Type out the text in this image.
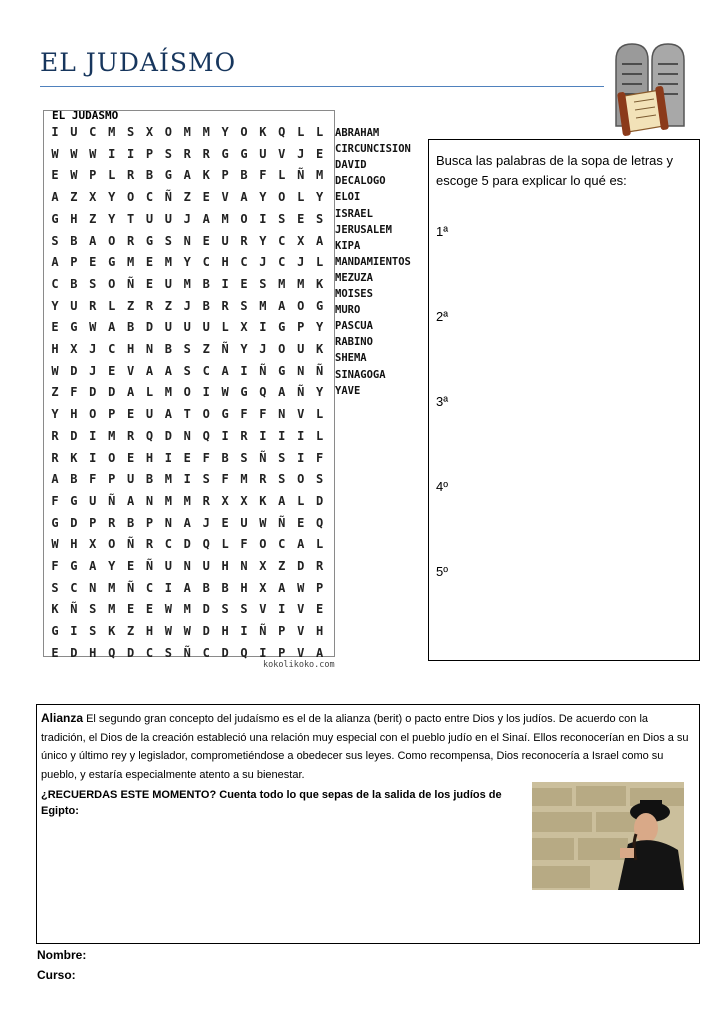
EL JUDAÍSMO
EL JUDASMO
I U C M S X O M M Y O K Q L L
W W W I I P S R R G G U V J E
E W P L R B G A K P B F L Ñ M
A Z X Y O C Ñ Z E V A Y O L Y
G H Z Y T U U J A M O I S E S
S B A O R G S N E U R Y C X A
A P E G M E M Y C H C J C J L
C B S O Ñ E U M B I E S M M K
Y U R L Z R Z J B R S M A O G
E G W A B D U U U L X I G P Y
H X J C H N B S Z Ñ Y J O U K
W D J E V A A S C A I Ñ G N Ñ
Z F D D A L M O I W G Q A Ñ Y
Y H O P E U A T O G F F N V L
R D I M R Q D N Q I R I I I L
R K I O E H I E F B S Ñ S I F
A B F P U B M I S F M R S O S
F G U Ñ A N M M R X X K A L D
G D P R B P N A J E U W Ñ E Q
W H X O Ñ R C D Q L F O C A L
F G A Y E Ñ U N U H N X Z D R
S C N M Ñ C I A B B H X A W P
K Ñ S M E E W M D S S V I V E
G I S K Z H W W D H I Ñ P V H
E D H Q D C S Ñ C D Q I P V A
ABRAHAM
CIRCUNCISION
DAVID
DECALOGO
ELOI
ISRAEL
JERUSALEM
KIPA
MANDAMIENTOS
MEZUZA
MOISES
MURO
PASCUA
RABINO
SHEMA
SINAGOGA
YAVE
kokolikoko.com
Busca las palabras de la sopa de letras y escoge 5 para explicar lo qué es:
1ª
2ª
3ª
4º
5º
Alianza El segundo gran concepto del judaísmo es el de la alianza (berit) o pacto entre Dios y los judíos. De acuerdo con la tradición, el Dios de la creación estableció una relación muy especial con el pueblo judío en el Sinaí. Ellos reconocerían en Dios a su único y último rey y legislador, comprometiéndose a obedecer sus leyes. Como recompensa, Dios reconocería a Israel como su pueblo, y estaría especialmente atento a su bienestar.
¿RECUERDAS ESTE MOMENTO? Cuenta todo lo que sepas de la salida de los judíos de Egipto:
Nombre:
Curso:
